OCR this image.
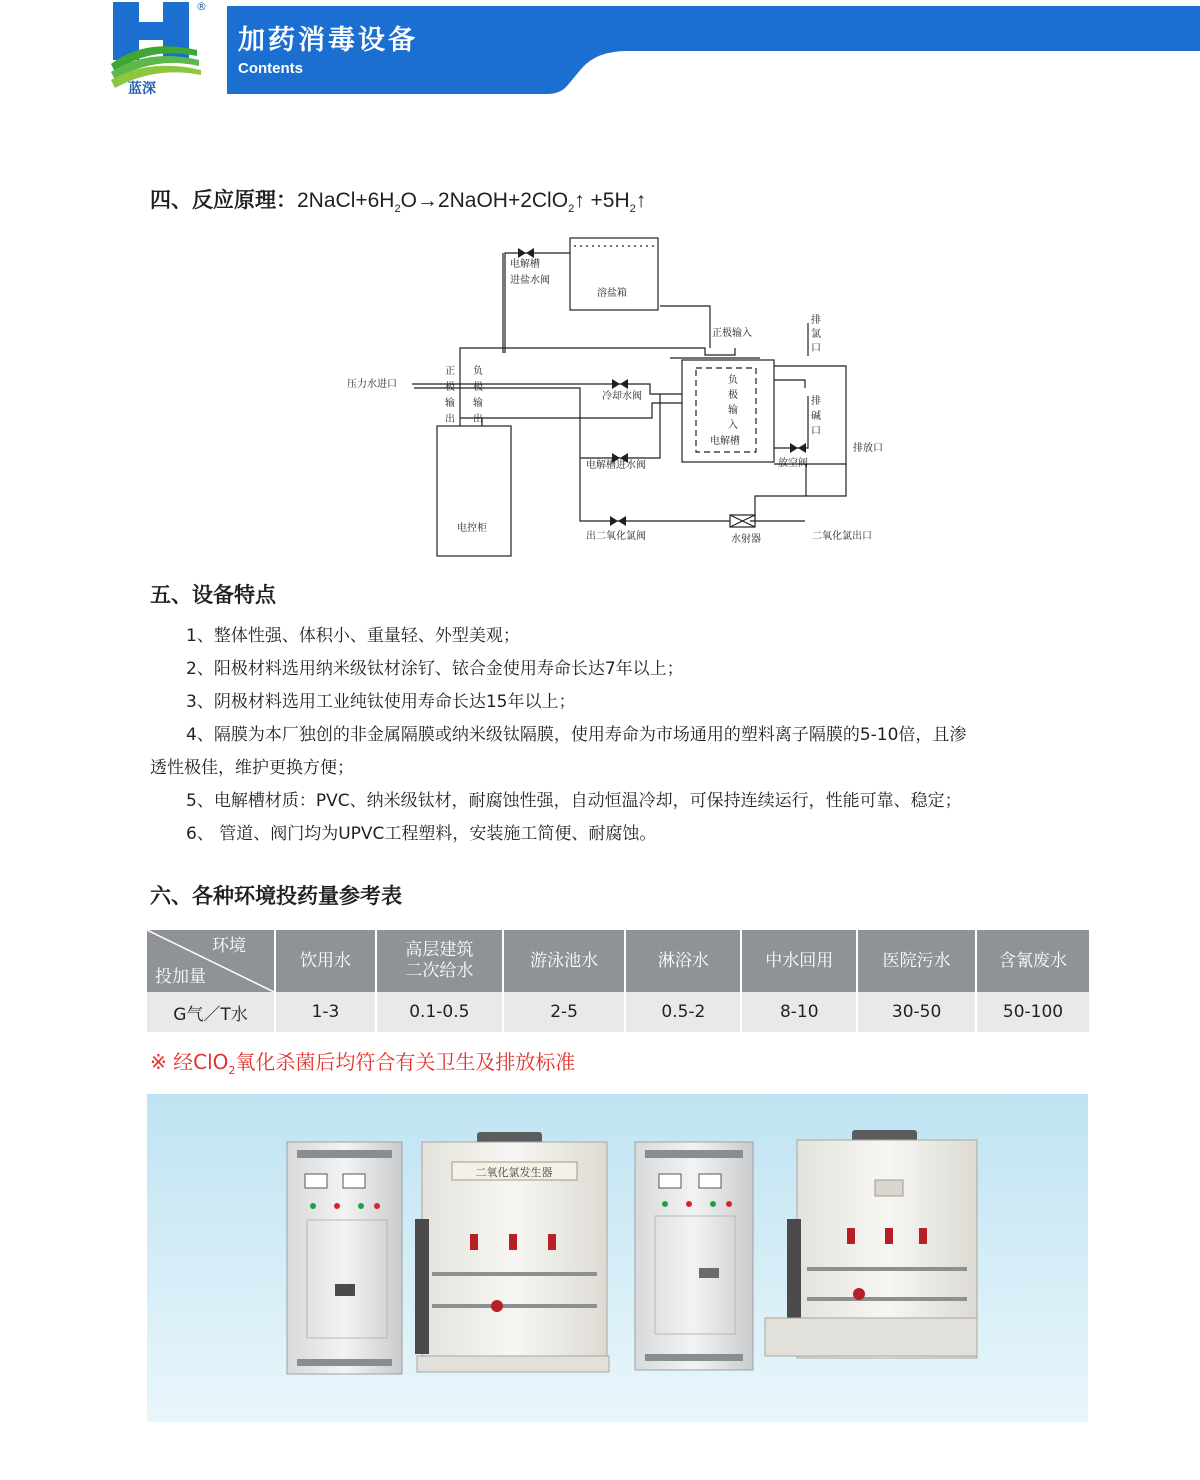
®
蓝深
加药消毒设备
Contents
四、反应原理：$2NaCl+6H_2O\to 2NaOH+2ClO_2↑$ $+5H_2↑$
电解槽
进盐水阀
溶盐箱
正极输入
排
氯
口
压力水进口
正
极
输
出
负
极
输
出
冷却水阀
负
极
输
入
电解槽
排
碱
口
排放口
电解槽进水阀	放空阀
电控柜
出二氧化氯阀	水射器	二氧化氯出口
五、设备特点
1、整体性强、体积小、重量轻、外型美观；
2、阳极材料选用纳米级钛材涂钌、铱合金使用寿命长达7年以上；
3、阴极材料选用工业纯钛使用寿命长达15年以上；
4、隔膜为本厂独创的非金属隔膜或纳米级钛隔膜，使用寿命为市场通用的塑料离子隔膜的5-10倍，且渗
透性极佳，维护更换方便；
5、电解槽材质：PVC、纳米级钛材，耐腐蚀性强，自动恒温冷却，可保持连续运行，性能可靠、稳定；
6、 管道、阀门均为UPVC工程塑料，安装施工简便、耐腐蚀。
六、各种环境投药量参考表
环境
投加量	饮用水	高层建筑
二次给水	游泳池水	淋浴水	中水回用	医院污水	含氰废水
G气／T水	1-3	0.1-0.5	2-5	0.5-2	8-10	30-50	50-100
※ 经ClO$_2$氧化杀菌后均符合有关卫生及排放标准
二氧化氯发生器
